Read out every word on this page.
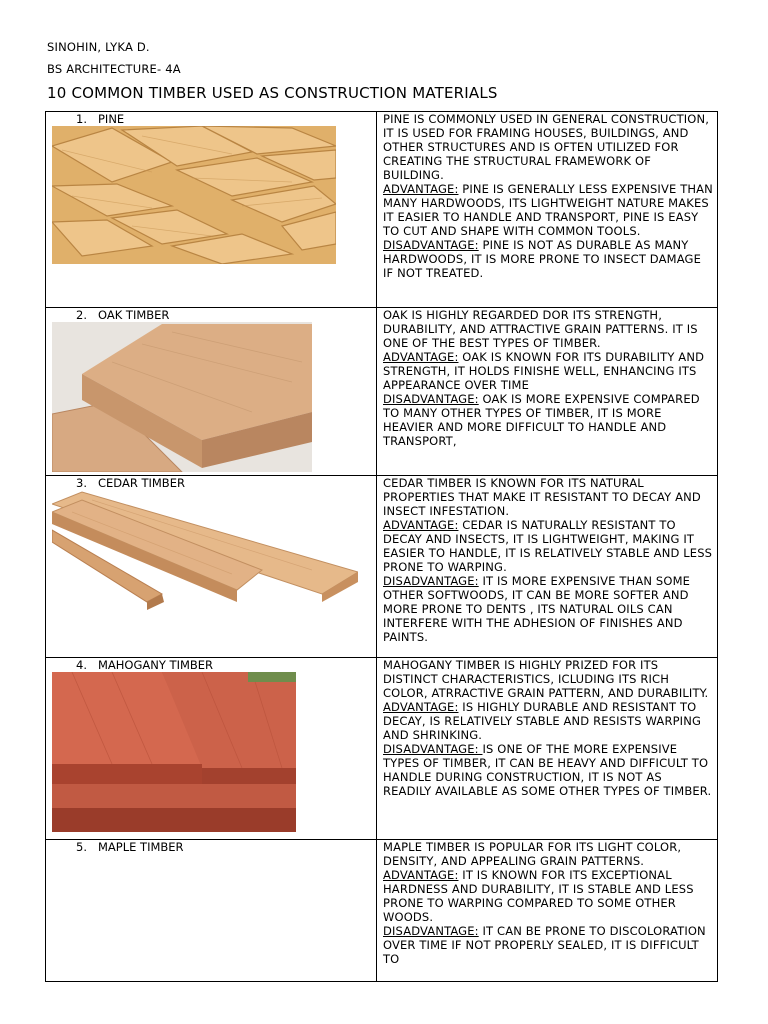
SINOHIN, LYKA D.
BS ARCHITECTURE- 4A
10 COMMON TIMBER USED AS CONSTRUCTION MATERIALS
1. PINE	PINE IS COMMONLY USED IN GENERAL CONSTRUCTION, IT IS USED FOR FRAMING HOUSES, BUILDINGS, AND OTHER STRUCTURES AND IS OFTEN UTILIZED FOR CREATING THE STRUCTURAL FRAMEWORK OF BUILDING.
ADVANTAGE: PINE IS GENERALLY LESS EXPENSIVE THAN MANY HARDWOODS, ITS LIGHTWEIGHT NATURE MAKES IT EASIER TO HANDLE AND TRANSPORT, PINE IS EASY TO CUT AND SHAPE WITH COMMON TOOLS.
DISADVANTAGE: PINE IS NOT AS DURABLE AS MANY HARDWOODS, IT IS MORE PRONE TO INSECT DAMAGE IF NOT TREATED.

2. OAK TIMBER	OAK IS HIGHLY REGARDED DOR ITS STRENGTH, DURABILITY, AND ATTRACTIVE GRAIN PATTERNS. IT IS ONE OF THE BEST TYPES OF TIMBER.
ADVANTAGE: OAK IS KNOWN FOR ITS DURABILITY AND STRENGTH, IT HOLDS FINISHE WELL, ENHANCING ITS APPEARANCE OVER TIME
DISADVANTAGE: OAK IS MORE EXPENSIVE COMPARED TO MANY OTHER TYPES OF TIMBER, IT IS MORE HEAVIER AND MORE DIFFICULT TO HANDLE AND TRANSPORT,

3. CEDAR TIMBER	CEDAR TIMBER IS KNOWN FOR ITS NATURAL PROPERTIES THAT MAKE IT RESISTANT TO DECAY AND INSECT INFESTATION.
ADVANTAGE: CEDAR IS NATURALLY RESISTANT TO DECAY AND INSECTS, IT IS LIGHTWEIGHT, MAKING IT EASIER TO HANDLE, IT IS RELATIVELY STABLE AND LESS PRONE TO WARPING.
DISADVANTAGE: IT IS MORE EXPENSIVE THAN SOME OTHER SOFTWOODS, IT CAN BE MORE SOFTER AND MORE PRONE TO DENTS , ITS NATURAL OILS CAN INTERFERE WITH THE ADHESION OF FINISHES AND PAINTS.

4. MAHOGANY TIMBER	MAHOGANY TIMBER IS HIGHLY PRIZED FOR ITS DISTINCT CHARACTERISTICS, ICLUDING ITS RICH COLOR, ATRRACTIVE GRAIN PATTERN, AND DURABILITY.
ADVANTAGE: IS HIGHLY DURABLE AND RESISTANT TO DECAY, IS RELATIVELY STABLE AND RESISTS WARPING AND SHRINKING.
DISADVANTAGE: IS ONE OF THE MORE EXPENSIVE TYPES OF TIMBER, IT CAN BE HEAVY AND DIFFICULT TO HANDLE DURING CONSTRUCTION, IT IS NOT AS READILY AVAILABLE AS SOME OTHER TYPES OF TIMBER.

5. MAPLE TIMBER	MAPLE TIMBER IS POPULAR FOR ITS LIGHT COLOR, DENSITY, AND APPEALING GRAIN PATTERNS.
ADVANTAGE: IT IS KNOWN FOR ITS EXCEPTIONAL HARDNESS AND DURABILITY, IT IS STABLE AND LESS PRONE TO WARPING COMPARED TO SOME OTHER WOODS.
DISADVANTAGE: IT CAN BE PRONE TO DISCOLORATION OVER TIME IF NOT PROPERLY SEALED, IT IS DIFFICULT TO
